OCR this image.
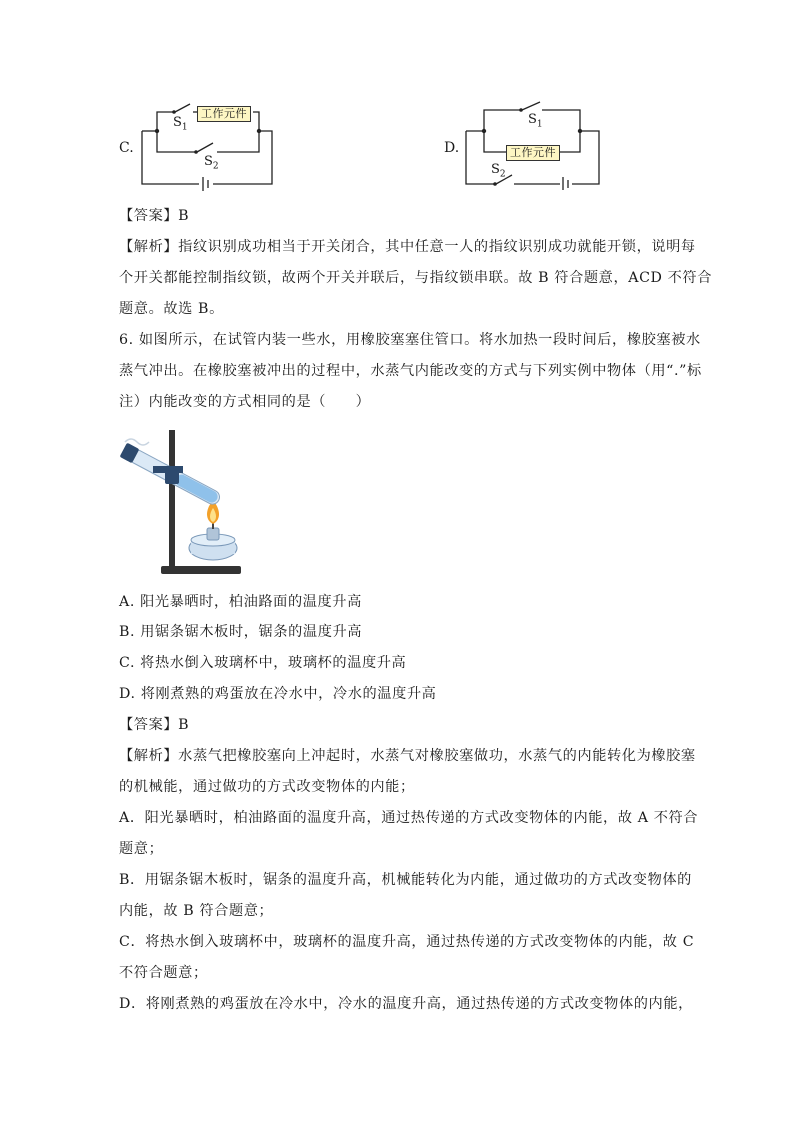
C.
工作元件
$S_1$
$S_2$
D.	工作元件
$S_1$
$S_2$
【答案】B
【解析】指纹识别成功相当于开关闭合，其中任意一人的指纹识别成功就能开锁，说明每
个开关都能控制指纹锁，故两个开关并联后，与指纹锁串联。故 B 符合题意，ACD 不符合
题意。故选 B。
6. 如图所示，在试管内装一些水，用橡胶塞塞住管口。将水加热一段时间后，橡胶塞被水
蒸气冲出。在橡胶塞被冲出的过程中，水蒸气内能改变的方式与下列实例中物体（用“.”标
注）内能改变的方式相同的是（　　）
A. 阳光暴晒时，柏油路面的温度升高
B. 用锯条锯木板时，锯条的温度升高
C. 将热水倒入玻璃杯中，玻璃杯的温度升高
D. 将刚煮熟的鸡蛋放在冷水中，冷水的温度升高
【答案】B
【解析】水蒸气把橡胶塞向上冲起时，水蒸气对橡胶塞做功，水蒸气的内能转化为橡胶塞
的机械能，通过做功的方式改变物体的内能；
A．阳光暴晒时，柏油路面的温度升高，通过热传递的方式改变物体的内能，故 A 不符合
题意；
B．用锯条锯木板时，锯条的温度升高，机械能转化为内能，通过做功的方式改变物体的
内能，故 B 符合题意；
C．将热水倒入玻璃杯中，玻璃杯的温度升高，通过热传递的方式改变物体的内能，故 C
不符合题意；
D．将刚煮熟的鸡蛋放在冷水中，冷水的温度升高，通过热传递的方式改变物体的内能，
